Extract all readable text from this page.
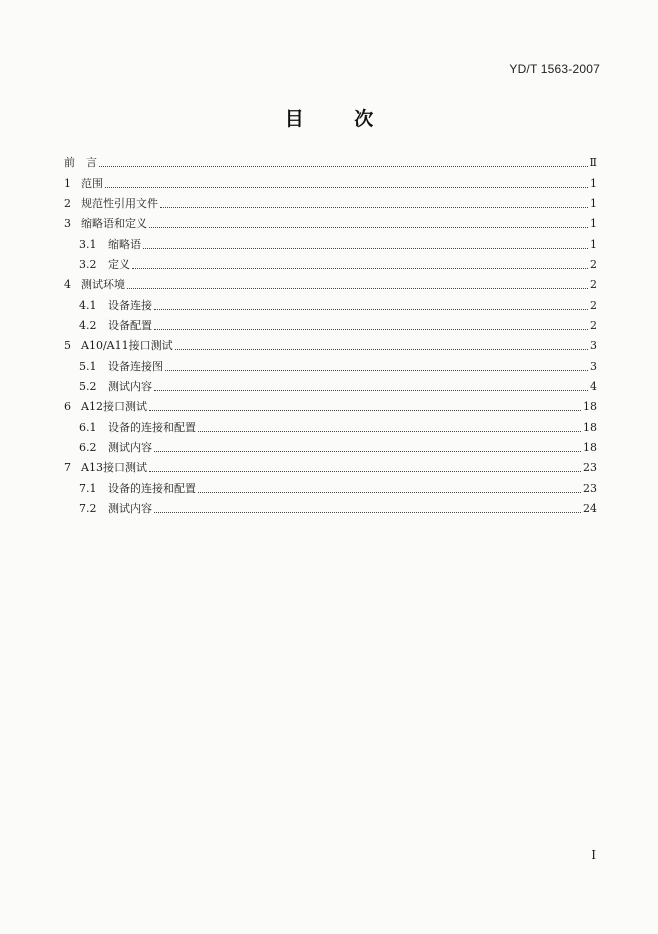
YD/T 1563-2007
目 次
前	言	Ⅱ
1 范围	1
2 规范性引用文件	1
3 缩略语和定义	1
3.1	缩略语	1
3.2	定义	2
4 测试环境	2
4.1	设备连接	2
4.2	设备配置	2
5 A10/A11接口测试	3
5.1	设备连接图	3
5.2	测试内容	4
6 A12接口测试	18
6.1	设备的连接和配置	18
6.2	测试内容	18
7 A13接口测试	23
7.1	设备的连接和配置	23
7.2	测试内容	24
I
